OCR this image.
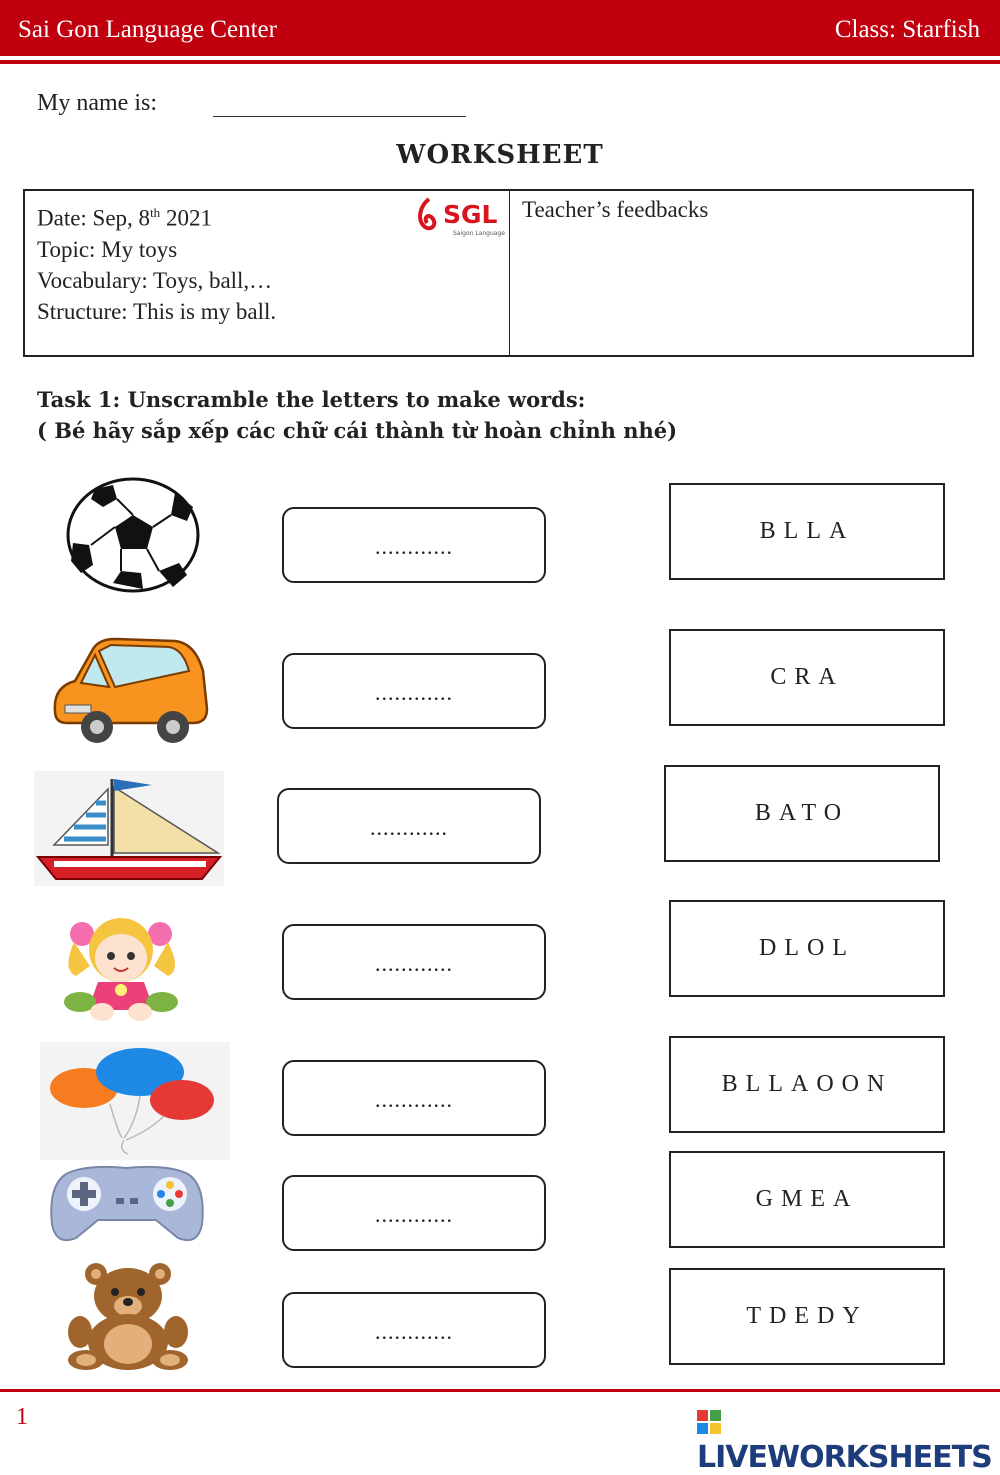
Sai Gon Language Center	Class: Starfish
My name is:
WORKSHEET
Date: Sep, 8th 2021
Topic: My toys
Vocabulary: Toys, ball,…
Structure: This is my ball.
SGL
Saigon Language
Teacher’s feedbacks
Task 1: Unscramble the letters to make words:
( Bé hãy sắp xếp các chữ cái thành từ hoàn chỉnh nhé)
............
BLLA
............
CRA
............
BATO
............
DLOL
............
BLLAOON
............
GMEA
............
TDEDY
1
LIVEWORKSHEETS
